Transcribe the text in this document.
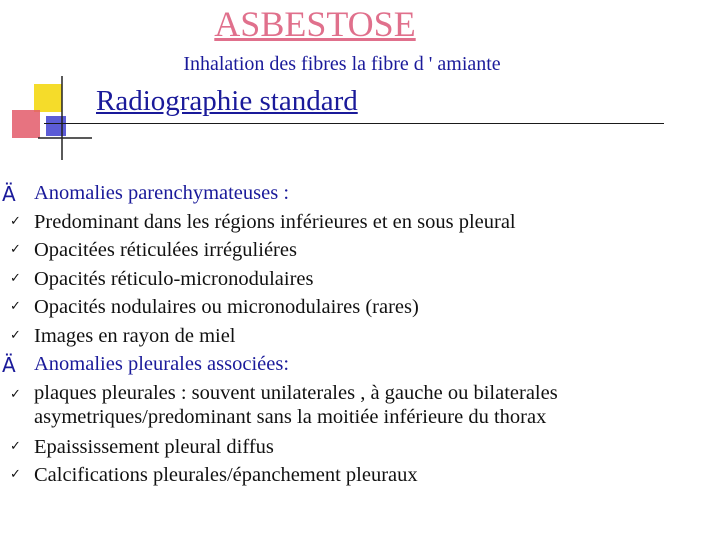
ASBESTOSE
Inhalation des fibres la fibre d ' amiante
Radiographie standard
Ä Anomalies parenchymateuses :
✓ Predominant dans les régions inférieures et en sous pleural
✓ Opacitées réticulées irréguliéres
✓ Opacités réticulo-micronodulaires
✓ Opacités nodulaires ou micronodulaires (rares)
✓ Images en rayon de miel
Ä Anomalies pleurales associées:
✓ plaques pleurales : souvent unilaterales , à gauche ou bilaterales asymetriques/predominant sans la moitiée inférieure du thorax
✓ Epaississement pleural diffus
✓ Calcifications pleurales/épanchement pleuraux
